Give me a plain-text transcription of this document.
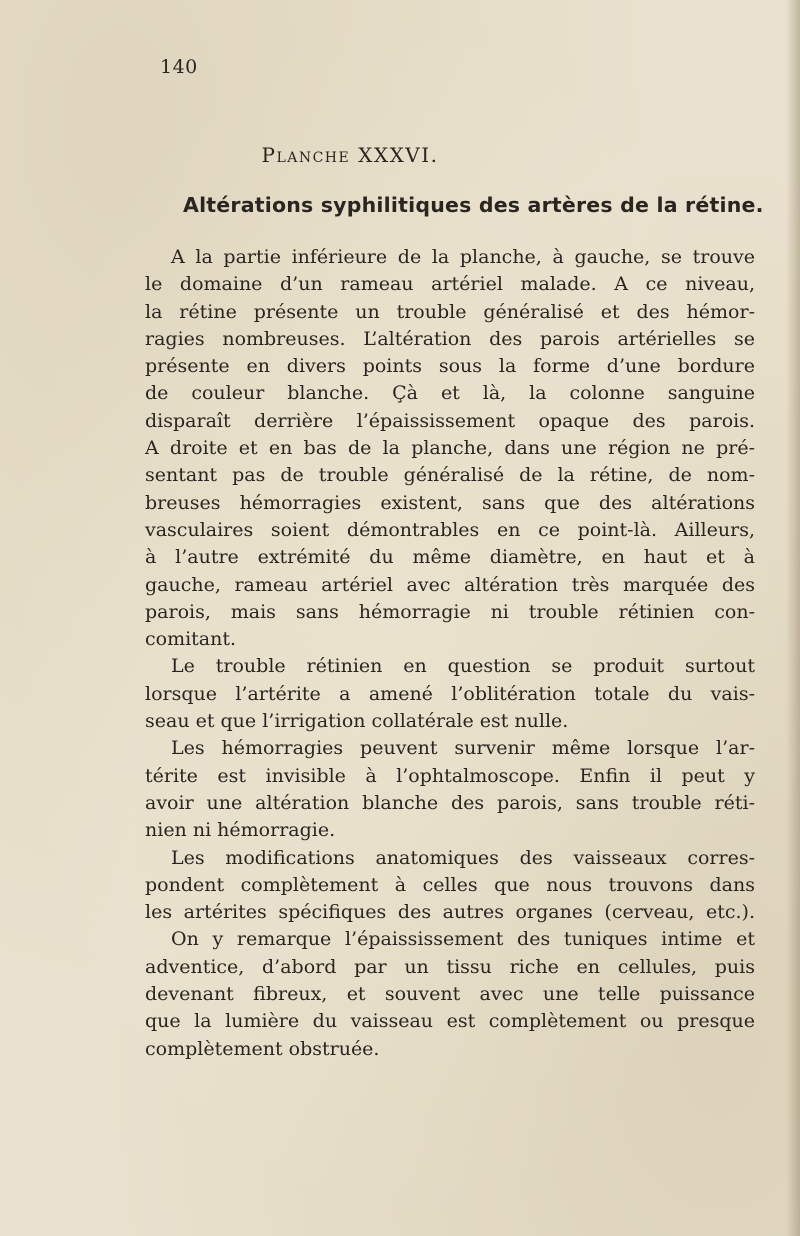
140
Planche XXXVI.
Altérations syphilitiques des artères de la rétine.
A la partie inférieure de la planche, à gauche, se trouve
le domaine d’un rameau artériel malade. A ce niveau,
la rétine présente un trouble généralisé et des hémor-
ragies nombreuses. L’altération des parois artérielles se
présente en divers points sous la forme d’une bordure
de couleur blanche. Çà et là, la colonne sanguine
disparaît derrière l’épaississement opaque des parois.
A droite et en bas de la planche, dans une région ne pré-
sentant pas de trouble généralisé de la rétine, de nom-
breuses hémorragies existent, sans que des altérations
vasculaires soient démontrables en ce point-là. Ailleurs,
à l’autre extrémité du même diamètre, en haut et à
gauche, rameau artériel avec altération très marquée des
parois, mais sans hémorragie ni trouble rétinien con-
comitant.
Le trouble rétinien en question se produit surtout
lorsque l’artérite a amené l’oblitération totale du vais-
seau et que l’irrigation collatérale est nulle.
Les hémorragies peuvent survenir même lorsque l’ar-
térite est invisible à l’ophtalmoscope. Enfin il peut y
avoir une altération blanche des parois, sans trouble réti-
nien ni hémorragie.
Les modifications anatomiques des vaisseaux corres-
pondent complètement à celles que nous trouvons dans
les artérites spécifiques des autres organes (cerveau, etc.).
On y remarque l’épaississement des tuniques intime et
adventice, d’abord par un tissu riche en cellules, puis
devenant fibreux, et souvent avec une telle puissance
que la lumière du vaisseau est complètement ou presque
complètement obstruée.
